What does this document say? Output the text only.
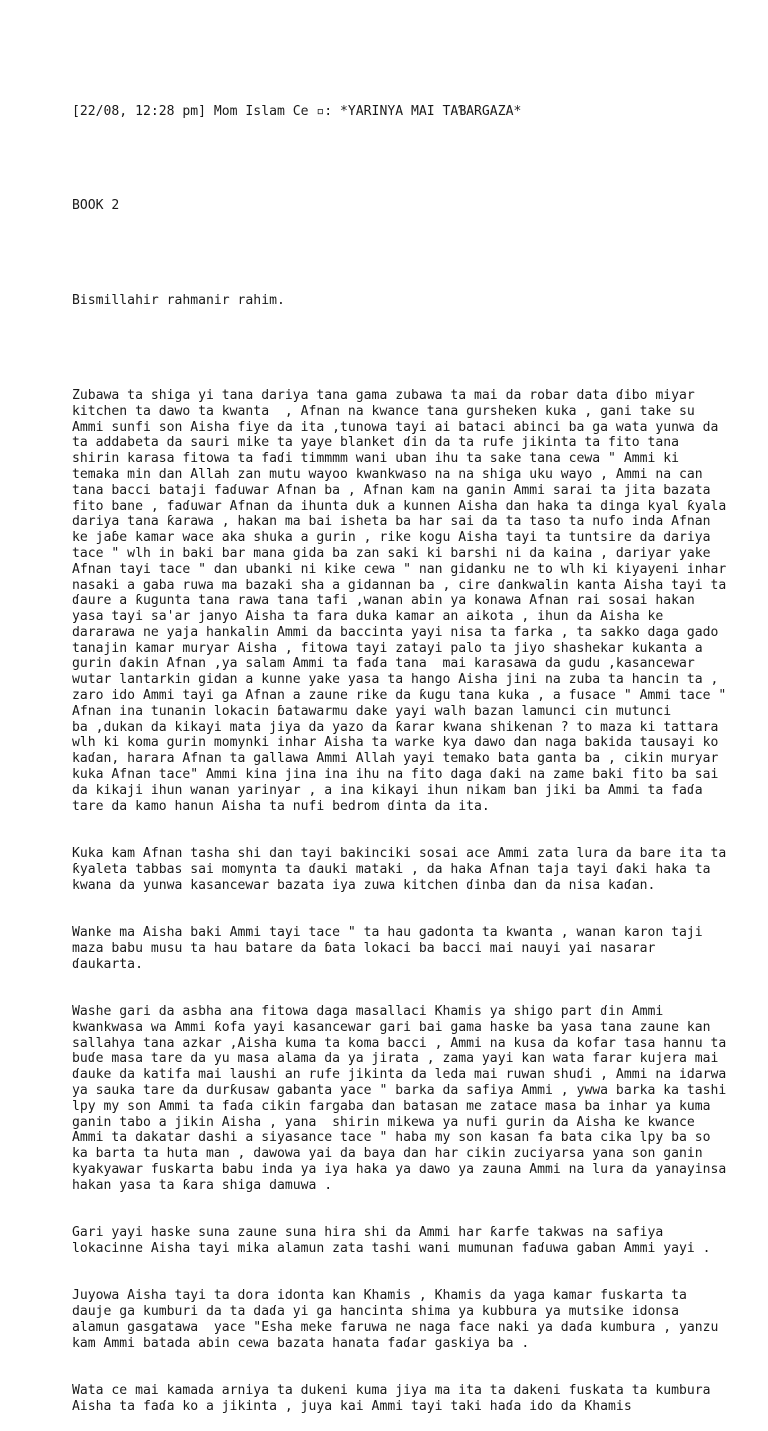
[22/08, 12:28 pm] Mom Islam Ce ▫: *YARINYA MAI TAƁARGAZA*

BOOK 2

Bismillahir rahmanir rahim.

Zubawa ta shiga yi tana dariya tana gama zubawa ta mai da robar data ɗibo miyar
kitchen ta dawo ta kwanta  , Afnan na kwance tana gursheken kuka , gani take su
Ammi sunfi son Aisha fiye da ita ,tunowa tayi ai bataci abinci ba ga wata yunwa da
ta addabeta da sauri mike ta yaye blanket ɗin da ta rufe jikinta ta fito tana
shirin karasa fitowa ta faɗi timmmm wani uban ihu ta sake tana cewa " Ammi ki
temaka min dan Allah zan mutu wayoo kwankwaso na na shiga uku wayo , Ammi na can
tana bacci bataji faɗuwar Afnan ba , Afnan kam na ganin Ammi sarai ta jita bazata
fito bane , faɗuwar Afnan da ihunta duk a kunnen Aisha dan haka ta dinga kyal ƙyala
dariya tana ƙarawa , hakan ma bai isheta ba har sai da ta taso ta nufo inda Afnan
ke jaɓe kamar wace aka shuka a gurin , rike kogu Aisha tayi ta tuntsire da dariya
tace " wlh in baki bar mana gida ba zan saki ki barshi ni da kaina , dariyar yake
Afnan tayi tace " dan ubanki ni kike cewa " nan gidanku ne to wlh ki kiyayeni inhar
nasaki a gaba ruwa ma bazaki sha a gidannan ba , cire ɗankwalin kanta Aisha tayi ta
ɗaure a ƙugunta tana rawa tana tafi ,wanan abin ya konawa Afnan rai sosai hakan
yasa tayi sa'ar janyo Aisha ta fara duka kamar an aikota , ihun da Aisha ke
dararawa ne yaja hankalin Ammi da baccinta yayi nisa ta farka , ta sakko daga gado
tanajin kamar muryar Aisha , fitowa tayi zatayi palo ta jiyo shashekar kukanta a
gurin ɗakin Afnan ,ya salam Ammi ta faɗa tana  mai karasawa da gudu ,kasancewar
wutar lantarkin gidan a kunne yake yasa ta hango Aisha jini na zuba ta hancin ta ,
zaro ido Ammi tayi ga Afnan a zaune rike da ƙugu tana kuka , a fusace " Ammi tace "
Afnan ina tunanin lokacin ɓatawarmu dake yayi walh bazan lamunci cin mutunci
ba ,dukan da kikayi mata jiya da yazo da ƙarar kwana shikenan ? to maza ki tattara
wlh ki koma gurin momynki inhar Aisha ta warke kya dawo dan naga bakida tausayi ko
kaɗan, harara Afnan ta gallawa Ammi Allah yayi temako bata ganta ba , cikin muryar
kuka Afnan tace" Ammi kina jina ina ihu na fito daga ɗaki na zame baki fito ba sai
da kikaji ihun wanan yarinyar , a ina kikayi ihun nikam ban jiki ba Ammi ta faɗa
tare da kamo hanun Aisha ta nufi bedrom ɗinta da ita.

Kuka kam Afnan tasha shi dan tayi bakinciki sosai ace Ammi zata lura da bare ita ta
ƙyaleta tabbas sai momynta ta ɗauki mataki , da haka Afnan taja tayi ɗaki haka ta
kwana da yunwa kasancewar bazata iya zuwa kitchen ɗinba dan da nisa kaɗan.

Wanke ma Aisha baki Ammi tayi tace " ta hau gadonta ta kwanta , wanan karon taji
maza babu musu ta hau batare da ɓata lokaci ba bacci mai nauyi yai nasarar
ɗaukarta.

Washe gari da asbha ana fitowa daga masallaci Khamis ya shigo part ɗin Ammi
kwankwasa wa Ammi ƙofa yayi kasancewar gari bai gama haske ba yasa tana zaune kan
sallahya tana azkar ,Aisha kuma ta koma bacci , Ammi na kusa da kofar tasa hannu ta
buɗe masa tare da yu masa alama da ya jirata , zama yayi kan wata farar kujera mai
ɗauke da katifa mai laushi an rufe jikinta da leda mai ruwan shuɗi , Ammi na idarwa
ya sauka tare da durƙusaw gabanta yace " barka da safiya Ammi , ywwa barka ka tashi
lpy my son Ammi ta faɗa cikin fargaba dan batasan me zatace masa ba inhar ya kuma
ganin tabo a jikin Aisha , yana  shirin mikewa ya nufi gurin da Aisha ke kwance
Ammi ta dakatar dashi a siyasance tace " haba my son kasan fa bata cika lpy ba so
ka barta ta huta man , dawowa yai da baya dan har cikin zuciyarsa yana son ganin
kyakyawar fuskarta babu inda ya iya haka ya dawo ya zauna Ammi na lura da yanayinsa
hakan yasa ta ƙara shiga damuwa .

Gari yayi haske suna zaune suna hira shi da Ammi har ƙarfe takwas na safiya
lokacinne Aisha tayi mika alamun zata tashi wani mumunan faɗuwa gaban Ammi yayi .

Juyowa Aisha tayi ta dora idonta kan Khamis , Khamis da yaga kamar fuskarta ta
dauje ga kumburi da ta daɗa yi ga hancinta shima ya kubbura ya mutsike idonsa
alamun gasgatawa  yace "Esha meke faruwa ne naga face naki ya daɗa kumbura , yanzu
kam Ammi batada abin cewa bazata hanata faɗar gaskiya ba .

Wata ce mai kamada arniya ta dukeni kuma jiya ma ita ta dakeni fuskata ta kumbura
Aisha ta faɗa ko a jikinta , juya kai Ammi tayi taki haɗa ido da Khamis
